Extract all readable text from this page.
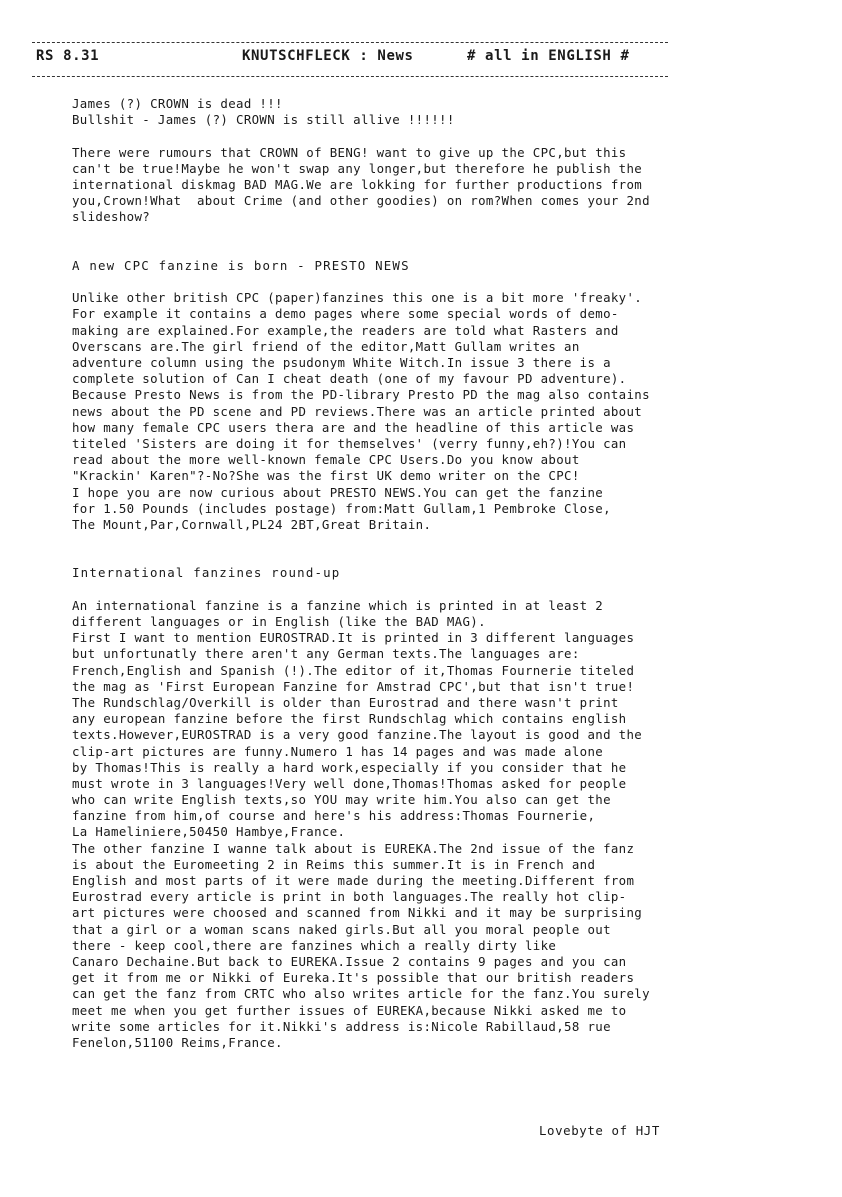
RS 8.31	KNUTSCHFLECK : News	# all in ENGLISH #
James (?) CROWN is dead !!!
Bullshit - James (?) CROWN is still allive !!!!!!
There were rumours that CROWN of BENG! want to give up the CPC,but this
can't be true!Maybe he won't swap any longer,but therefore he publish the
international diskmag BAD MAG.We are lokking for further productions from
you,Crown!What  about Crime (and other goodies) on rom?When comes your 2nd
slideshow?
A new CPC fanzine is born - PRESTO NEWS
Unlike other british CPC (paper)fanzines this one is a bit more 'freaky'.
For example it contains a demo pages where some special words of demo-
making are explained.For example,the readers are told what Rasters and
Overscans are.The girl friend of the editor,Matt Gullam writes an
adventure column using the psudonym White Witch.In issue 3 there is a
complete solution of Can I cheat death (one of my favour PD adventure).
Because Presto News is from the PD-library Presto PD the mag also contains
news about the PD scene and PD reviews.There was an article printed about
how many female CPC users thera are and the headline of this article was
titeled 'Sisters are doing it for themselves' (verry funny,eh?)!You can
read about the more well-known female CPC Users.Do you know about
"Krackin' Karen"?-No?She was the first UK demo writer on the CPC!
I hope you are now curious about PRESTO NEWS.You can get the fanzine
for 1.50 Pounds (includes postage) from:Matt Gullam,1 Pembroke Close,
The Mount,Par,Cornwall,PL24 2BT,Great Britain.
International fanzines round-up
An international fanzine is a fanzine which is printed in at least 2
different languages or in English (like the BAD MAG).
First I want to mention EUROSTRAD.It is printed in 3 different languages
but unfortunatly there aren't any German texts.The languages are:
French,English and Spanish (!).The editor of it,Thomas Fournerie titeled
the mag as 'First European Fanzine for Amstrad CPC',but that isn't true!
The Rundschlag/Overkill is older than Eurostrad and there wasn't print
any european fanzine before the first Rundschlag which contains english
texts.However,EUROSTRAD is a very good fanzine.The layout is good and the
clip-art pictures are funny.Numero 1 has 14 pages and was made alone
by Thomas!This is really a hard work,especially if you consider that he
must wrote in 3 languages!Very well done,Thomas!Thomas asked for people
who can write English texts,so YOU may write him.You also can get the
fanzine from him,of course and here's his address:Thomas Fournerie,
La Hameliniere,50450 Hambye,France.
The other fanzine I wanne talk about is EUREKA.The 2nd issue of the fanz
is about the Euromeeting 2 in Reims this summer.It is in French and
English and most parts of it were made during the meeting.Different from
Eurostrad every article is print in both languages.The really hot clip-
art pictures were choosed and scanned from Nikki and it may be surprising
that a girl or a woman scans naked girls.But all you moral people out
there - keep cool,there are fanzines which a really dirty like
Canaro Dechaine.But back to EUREKA.Issue 2 contains 9 pages and you can
get it from me or Nikki of Eureka.It's possible that our british readers
can get the fanz from CRTC who also writes article for the fanz.You surely
meet me when you get further issues of EUREKA,because Nikki asked me to
write some articles for it.Nikki's address is:Nicole Rabillaud,58 rue
Fenelon,51100 Reims,France.
Lovebyte of HJT
